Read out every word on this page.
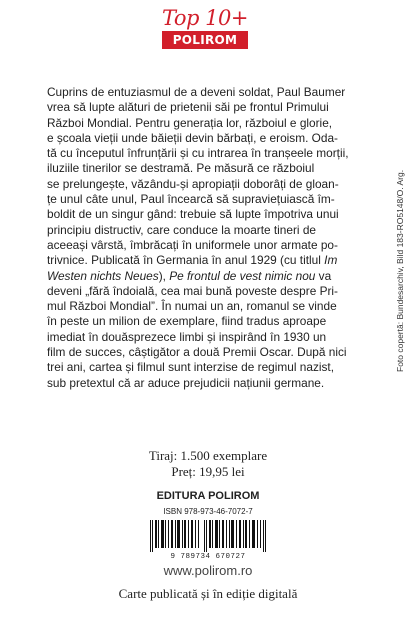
Top 10+
POLIROM

Cuprins de entuziasmul de a deveni soldat, Paul Baumer

vrea să lupte alături de prietenii săi pe frontul Primului

Război Mondial. Pentru generația lor, războiul e glorie,

e școala vieții unde băieții devin bărbați, e eroism. Oda-

tă cu începutul înfrunțării și cu intrarea în tranșeele morții,

iluziile tinerilor se destramă. Pe măsură ce războiul

se prelungește, văzându-și apropiații doborâți de gloan-

țe unul câte unul, Paul încearcă să supraviețuiască îm-

boldit de un singur gând: trebuie să lupte împotriva unui

principiu distructiv, care conduce la moarte tineri de

aceeași vârstă, îmbrăcați în uniformele unor armate po-

trivnice. Publicată în Germania în anul 1929 (cu titlul Im

Westen nichts Neues), Pe frontul de vest nimic nou va

deveni „fără îndoială, cea mai bună poveste despre Pri-

mul Război Mondial”. În numai un an, romanul se vinde

în peste un milion de exemplare, fiind tradus aproape

imediat în douăsprezece limbi și inspirând în 1930 un

film de succes, câștigător a două Premii Oscar. După nici

trei ani, cartea și filmul sunt interzise de regimul nazist,

sub pretextul că ar aduce prejudicii națiunii germane.

Foto copertă: Bundesarchiv, Bild 183-RO5148/O. Arg.
Tiraj: 1.500 exemplare
Preț: 19,95 lei
EDITURA POLIROM
ISBN 978-973-46-7072-7
9 789734 670727
www.polirom.ro
Carte publicată și în ediție digitală
